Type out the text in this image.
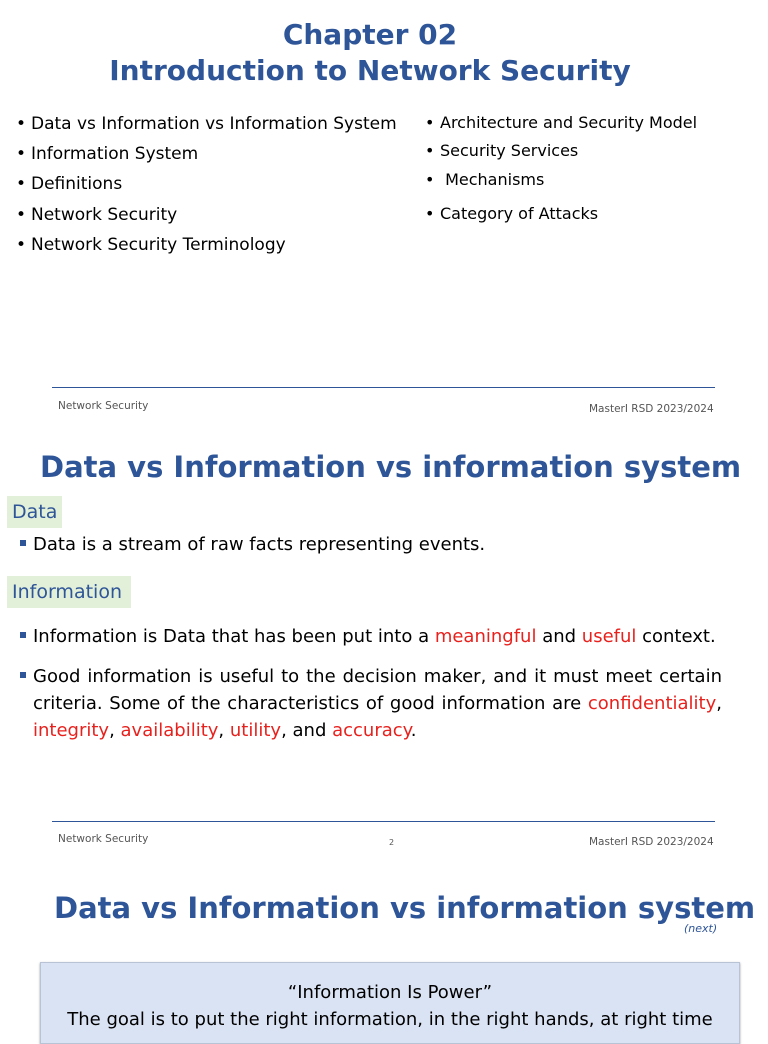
Chapter 02
Introduction to Network Security
• Data vs Information vs Information System
• Information System
• Definitions
• Network Security
• Network Security Terminology
• Architecture and Security Model
• Security Services
•  Mechanisms
• Category of Attacks
Network Security	MasterI RSD 2023/2024
Data vs Information vs information system
Data
Data is a stream of raw facts representing events.
Information
Information is Data that has been put into a meaningful and useful context.
Good information is useful to the decision maker, and it must meet certain criteria. Some of the characteristics of good information are confidentiality, integrity, availability, utility, and accuracy.
Network Security	2	MasterI RSD 2023/2024
Data vs Information vs information system
(next)
“Information Is Power”
The goal is to put the right information, in the right hands, at right time
